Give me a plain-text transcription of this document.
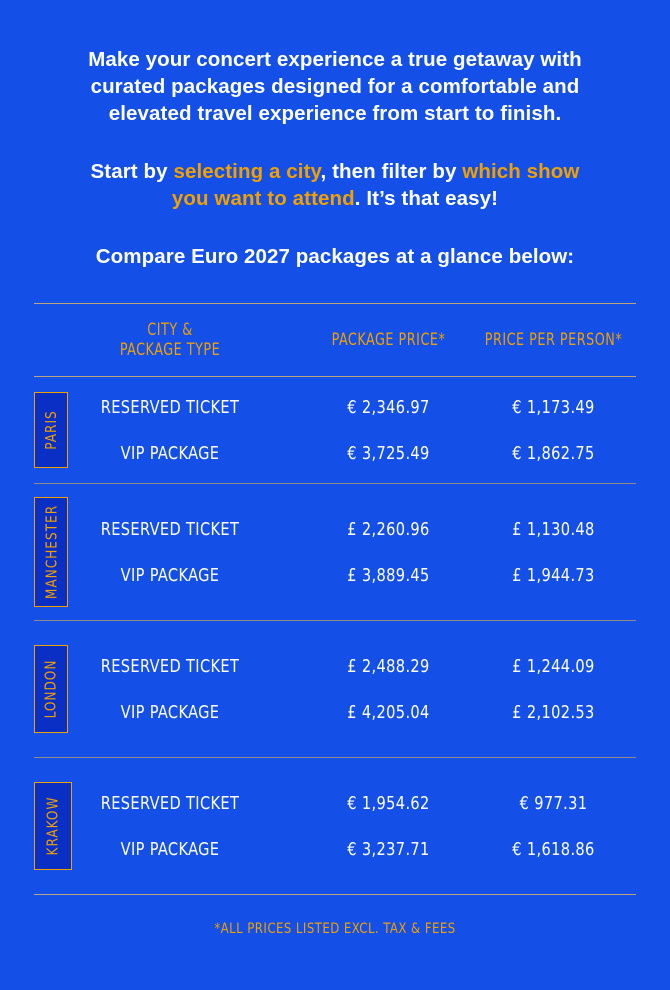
Make your concert experience a true getaway with curated packages designed for a comfortable and elevated travel experience from start to finish.
Start by selecting a city, then filter by which show you want to attend. It’s that easy!
Compare Euro 2027 packages at a glance below:
CITY &
PACKAGE TYPE
PACKAGE PRICE*	PRICE PER PERSON*
PARIS
RESERVED TICKET	€ 2,346.97	€ 1,173.49
VIP PACKAGE	€ 3,725.49	€ 1,862.75
MANCHESTER	RESERVED TICKET	£ 2,260.96	£ 1,130.48
VIP PACKAGE	£ 3,889.45	£ 1,944.73
LONDON	RESERVED TICKET	£ 2,488.29	£ 1,244.09
VIP PACKAGE	£ 4,205.04	£ 2,102.53
KRAKOW	RESERVED TICKET	€ 1,954.62	€ 977.31
VIP PACKAGE	€ 3,237.71	€ 1,618.86
*ALL PRICES LISTED EXCL. TAX & FEES
